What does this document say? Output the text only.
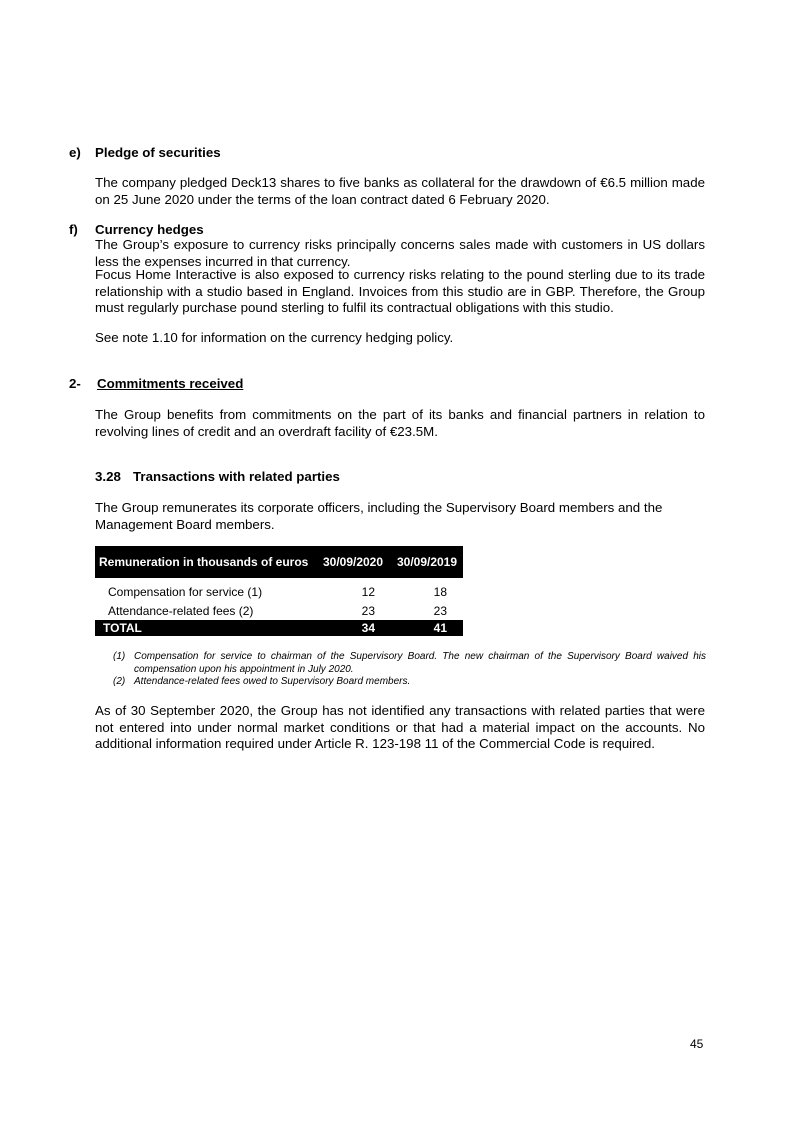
e) Pledge of securities
The company pledged Deck13 shares to five banks as collateral for the drawdown of €6.5 million made on 25 June 2020 under the terms of the loan contract dated 6 February 2020.
f) Currency hedges
The Group’s exposure to currency risks principally concerns sales made with customers in US dollars less the expenses incurred in that currency.
Focus Home Interactive is also exposed to currency risks relating to the pound sterling due to its trade relationship with a studio based in England. Invoices from this studio are in GBP. Therefore, the Group must regularly purchase pound sterling to fulfil its contractual obligations with this studio.
See note 1.10 for information on the currency hedging policy.
2- Commitments received
The Group benefits from commitments on the part of its banks and financial partners in relation to revolving lines of credit and an overdraft facility of €23.5M.
3.28 Transactions with related parties
The Group remunerates its corporate officers, including the Supervisory Board members and the Management Board members.
Remuneration in thousands of euros	30/09/2020	30/09/2019
Compensation for service (1)	12	18
Attendance-related fees (2)	23	23
TOTAL	34	41
(1) Compensation for service to chairman of the Supervisory Board. The new chairman of the Supervisory Board waived his compensation upon his appointment in July 2020.
(2) Attendance-related fees owed to Supervisory Board members.
As of 30 September 2020, the Group has not identified any transactions with related parties that were not entered into under normal market conditions or that had a material impact on the accounts. No additional information required under Article R. 123-198 11 of the Commercial Code is required.
45
